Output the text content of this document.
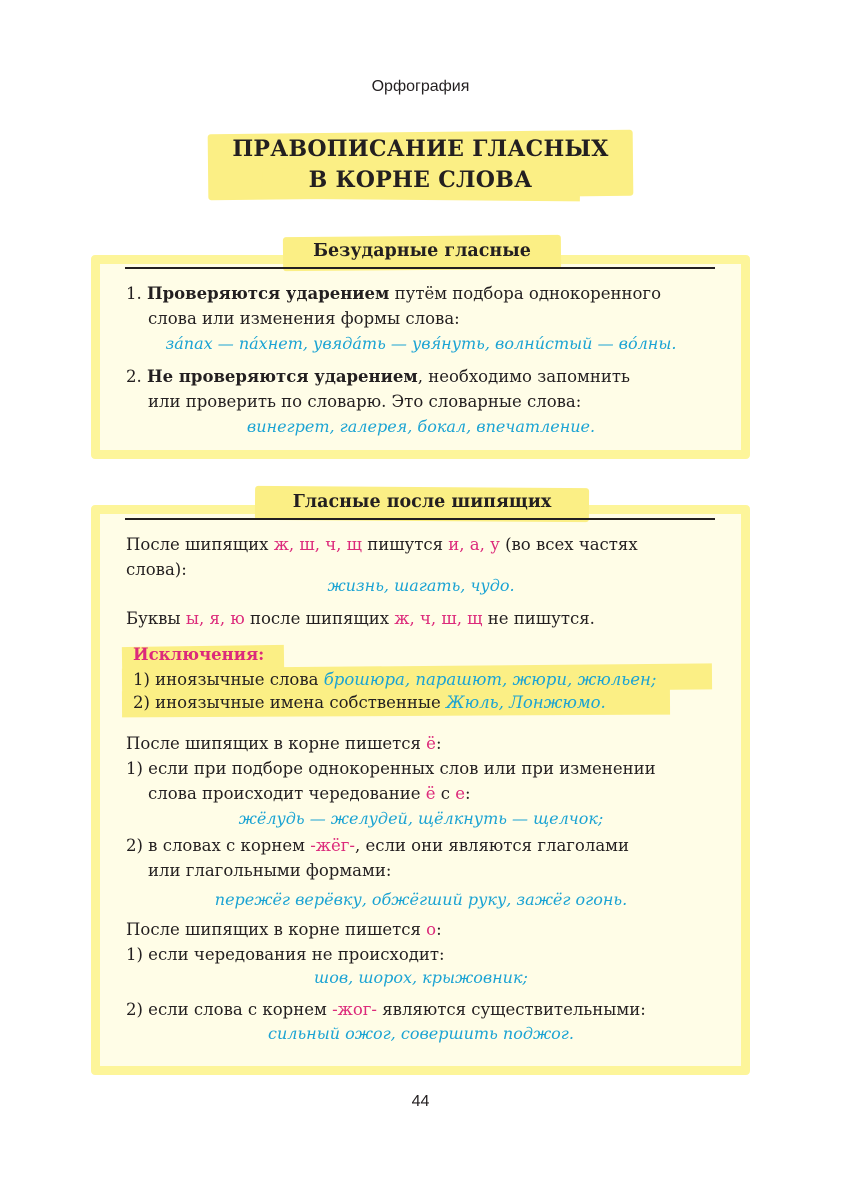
Орфография
ПРАВОПИСАНИЕ ГЛАСНЫХ
В КОРНЕ СЛОВА
Безударные гласные
1. Проверяются ударением путём подбора однокоренного
слова или изменения формы слова:
за́пах — па́хнет, увяда́ть — увя́нуть, волни́стый — во́лны.
2. Не проверяются ударением, необходимо запомнить
или проверить по словарю. Это словарные слова:
винегрет, галерея, бокал, впечатление.
Гласные после шипящих
После шипящих ж, ш, ч, щ пишутся и, а, у (во всех частях
слова):
жизнь, шагать, чудо.
Буквы ы, я, ю после шипящих ж, ч, ш, щ не пишутся.
Исключения:
1) иноязычные слова брошюра, парашют, жюри, жюльен;
2) иноязычные имена собственные Жюль, Лонжюмо.
После шипящих в корне пишется ё:
1) если при подборе однокоренных слов или при изменении
слова происходит чередование ё с е:
жёлудь — желудей, щёлкнуть — щелчок;
2) в словах с корнем -жёг-, если они являются глаголами
или глагольными формами:
пережёг верёвку, обжёгший руку, зажёг огонь.
После шипящих в корне пишется о:
1) если чередования не происходит:
шов, шорох, крыжовник;
2) если слова с корнем -жог- являются существительными:
сильный ожог, совершить поджог.
44
